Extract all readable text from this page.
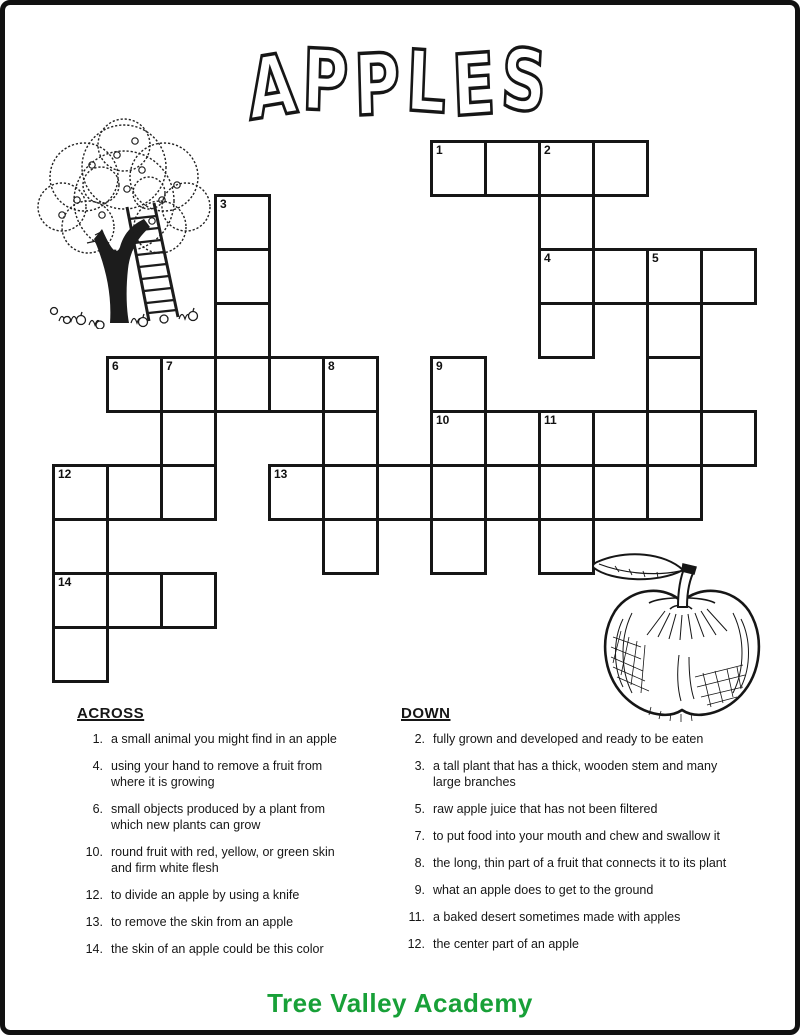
APPLES
1	2
3
4	5
6	7	8	9
10	11
12	13
14
ACROSS
1. a small animal you might find in an apple
4. using your hand to remove a fruit from
where it is growing
6. small objects produced by a plant from
which new plants can grow
10. round fruit with red, yellow, or green skin
and firm white flesh
12. to divide an apple by using a knife
13. to remove the skin from an apple
14. the skin of an apple could be this color
DOWN
2. fully grown and developed and ready to be eaten
3. a tall plant that has a thick, wooden stem and many
large branches
5. raw apple juice that has not been filtered
7. to put food into your mouth and chew and swallow it
8. the long, thin part of a fruit that connects it to its plant
9. what an apple does to get to the ground
11. a baked desert sometimes made with apples
12. the center part of an apple
Tree Valley Academy
